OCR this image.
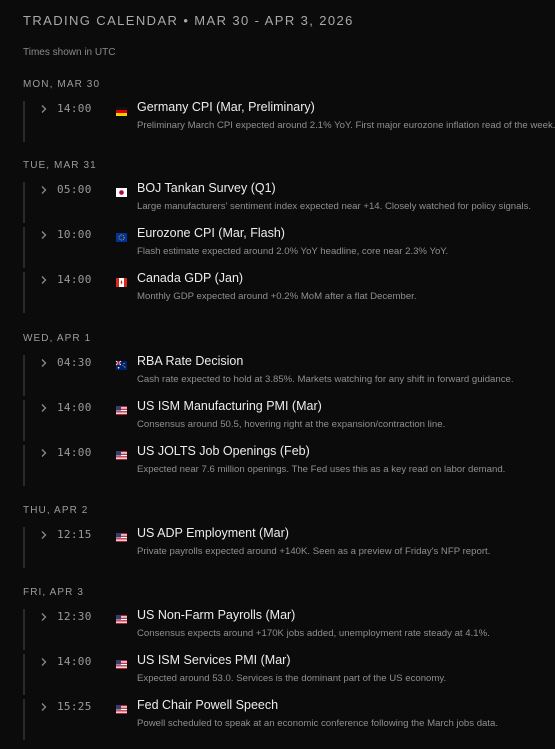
TRADING CALENDAR • MAR 30 - APR 3, 2026
Times shown in UTC
MON, MAR 30
14:00	Germany CPI (Mar, Preliminary)
Preliminary March CPI expected around 2.1% YoY. First major eurozone inflation read of the week.
TUE, MAR 31
05:00	BOJ Tankan Survey (Q1)
Large manufacturers' sentiment index expected near +14. Closely watched for policy signals.
10:00	Eurozone CPI (Mar, Flash)
Flash estimate expected around 2.0% YoY headline, core near 2.3% YoY.
14:00	Canada GDP (Jan)
Monthly GDP expected around +0.2% MoM after a flat December.
WED, APR 1
04:30	RBA Rate Decision
Cash rate expected to hold at 3.85%. Markets watching for any shift in forward guidance.
14:00	US ISM Manufacturing PMI (Mar)
Consensus around 50.5, hovering right at the expansion/contraction line.
14:00	US JOLTS Job Openings (Feb)
Expected near 7.6 million openings. The Fed uses this as a key read on labor demand.
THU, APR 2
12:15	US ADP Employment (Mar)
Private payrolls expected around +140K. Seen as a preview of Friday's NFP report.
FRI, APR 3
12:30	US Non-Farm Payrolls (Mar)
Consensus expects around +170K jobs added, unemployment rate steady at 4.1%.
14:00	US ISM Services PMI (Mar)
Expected around 53.0. Services is the dominant part of the US economy.
15:25	Fed Chair Powell Speech
Powell scheduled to speak at an economic conference following the March jobs data.
